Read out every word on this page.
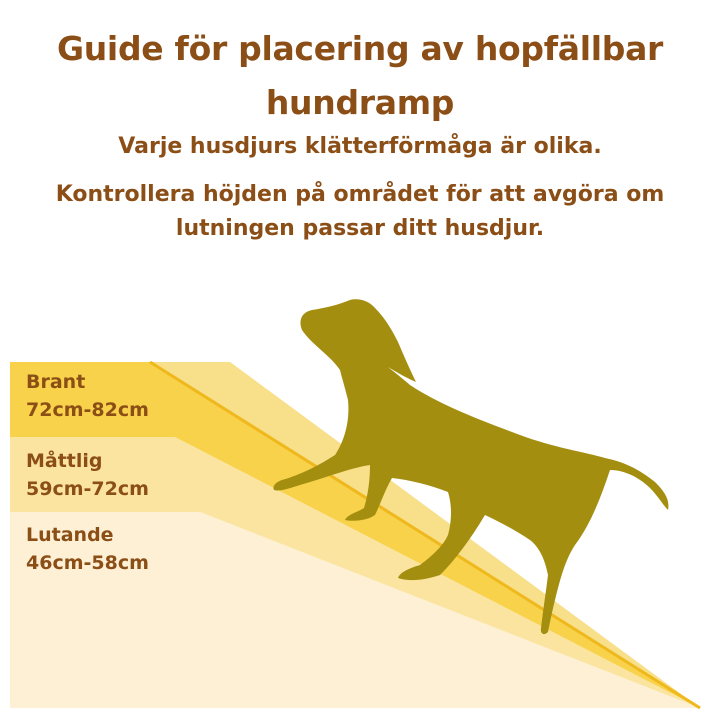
Guide för placering av hopfällbar
hundramp
Varje husdjurs klätterförmåga är olika.
Kontrollera höjden på området för att avgöra om
lutningen passar ditt husdjur.
Brant
72cm-82cm
Måttlig
59cm-72cm
Lutande
46cm-58cm
